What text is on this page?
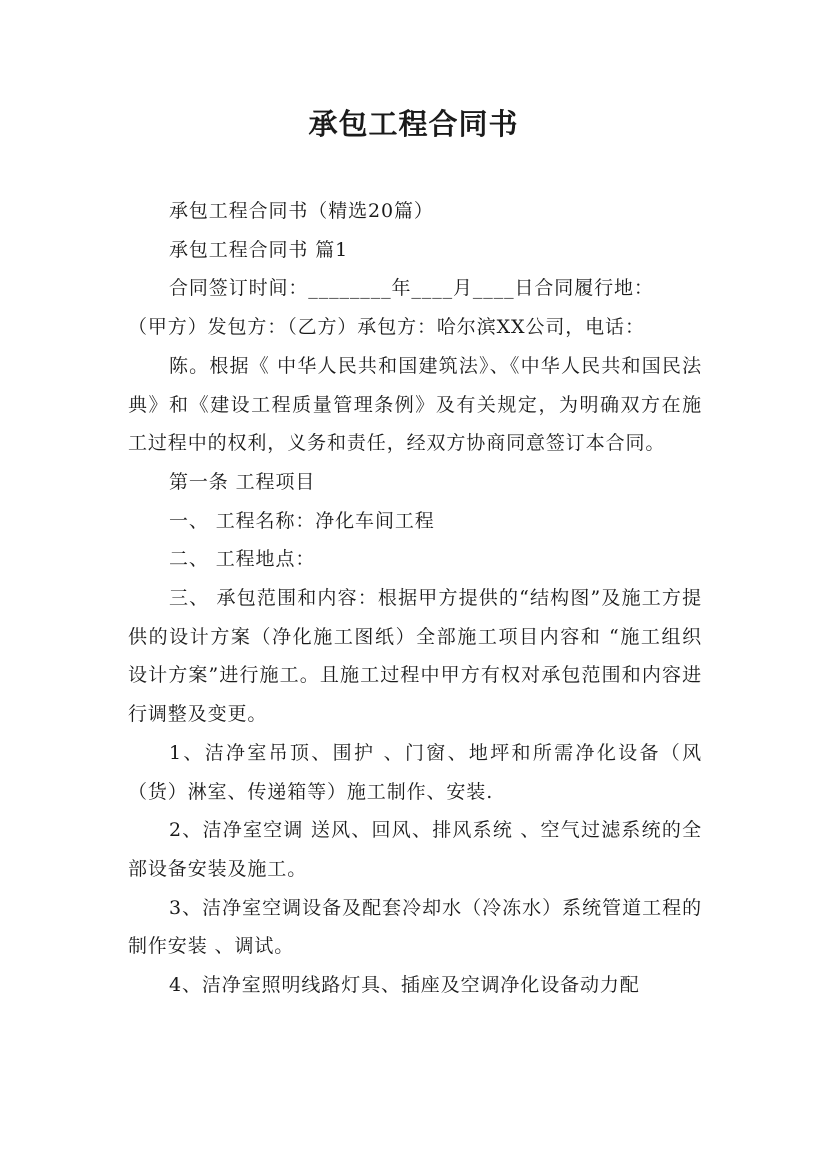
承包工程合同书

承包工程合同书（精选20篇）

承包工程合同书 篇1

合同签订时间：________年____月____日合同履行地：

（甲方）发包方：（乙方）承包方：哈尔滨XX公司，电话：

陈。根据《 中华人民共和国建筑法》、《中华人民共和国民法典》和《建设工程质量管理条例》及有关规定，为明确双方在施工过程中的权利，义务和责任，经双方协商同意签订本合同。

第一条 工程项目

一、 工程名称：净化车间工程

二、 工程地点：

三、 承包范围和内容：根据甲方提供的“结构图”及施工方提供的设计方案（净化施工图纸）全部施工项目内容和 “施工组织设计方案”进行施工。且施工过程中甲方有权对承包范围和内容进行调整及变更。

1、洁净室吊顶、围护 、门窗、地坪和所需净化设备（风（货）淋室、传递箱等）施工制作、安装.

2、洁净室空调 送风、回风、排风系统 、空气过滤系统的全部设备安装及施工。

3、洁净室空调设备及配套冷却水（冷冻水）系统管道工程的制作安装 、调试。

4、洁净室照明线路灯具、插座及空调净化设备动力配
